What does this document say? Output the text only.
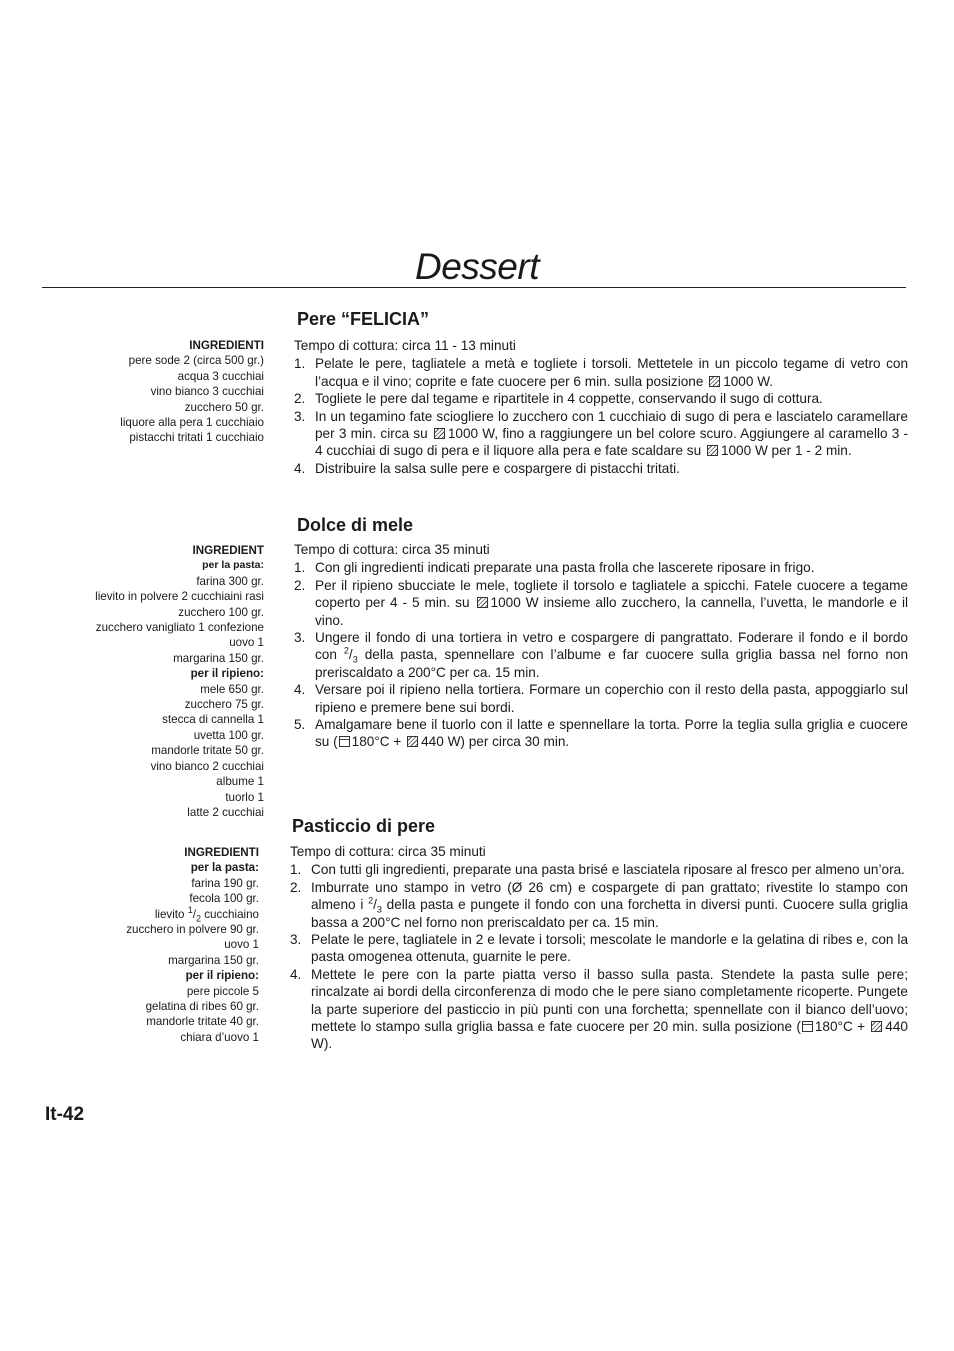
Dessert
Pere “FELICIA”
INGREDIENTI
pere sode 2 (circa 500 gr.)
acqua 3 cucchiai
vino bianco 3 cucchiai
zucchero 50 gr.
liquore alla pera 1 cucchiaio
pistacchi tritati 1 cucchiaio
Tempo di cottura: circa 11 - 13 minuti
1. Pelate le pere, tagliatele a metà e togliete i torsoli. Mettetele in un piccolo tegame di vetro con l’acqua e il vino; coprite e fate cuocere per 6 min. sulla posizione 1000 W.
2. Togliete le pere dal tegame e ripartitele in 4 coppette, conservando il sugo di cottura.
3. In un tegamino fate sciogliere lo zucchero con 1 cucchiaio di sugo di pera e lasciatelo caramellare per 3 min. circa su 1000 W, fino a raggiungere un bel colore scuro. Aggiungere al caramello 3 - 4 cucchiai di sugo di pera e il liquore alla pera e fate scaldare su 1000 W per 1 - 2 min.
4. Distribuire la salsa sulle pere e cospargere di pistacchi tritati.
Dolce di mele
INGREDIENT
per la pasta:
farina 300 gr.
lievito in polvere 2 cucchiaini rasi
zucchero 100 gr.
zucchero vanigliato 1 confezione
uovo 1
margarina 150 gr.
per il ripieno:
mele 650 gr.
zucchero 75 gr.
stecca di cannella 1
uvetta 100 gr.
mandorle tritate 50 gr.
vino bianco 2 cucchiai
albume 1
tuorlo 1
latte 2 cucchiai
Tempo di cottura: circa 35 minuti
1. Con gli ingredienti indicati preparate una pasta frolla che lascerete riposare in frigo.
2. Per il ripieno sbucciate le mele, togliete il torsolo e tagliatele a spicchi. Fatele cuocere a tegame coperto per 4 - 5 min. su 1000 W insieme allo zucchero, la cannella, l’uvetta, le mandorle e il vino.
3. Ungere il fondo di una tortiera in vetro e cospargere di pangrattato. Foderare il fondo e il bordo con $^2/_3$ della pasta, spennellare con l’albume e far cuocere sulla griglia bassa nel forno non preriscaldato a 200°C per ca. 15 min.
4. Versare poi il ripieno nella tortiera. Formare un coperchio con il resto della pasta, appoggiarlo sul ripieno e premere bene sui bordi.
5. Amalgamare bene il tuorlo con il latte e spennellare la torta. Porre la teglia sulla griglia e cuocere su ( 180°C + 440 W) per circa 30 min.
Pasticcio di pere
INGREDIENTI
per la pasta:
farina 190 gr.
fecola 100 gr.
lievito $^1/_2$ cucchiaino
zucchero in polvere 90 gr.
uovo 1
margarina 150 gr.
per il ripieno:
pere piccole 5
gelatina di ribes 60 gr.
mandorle tritate 40 gr.
chiara d’uovo 1
Tempo di cottura: circa 35 minuti
1. Con tutti gli ingredienti, preparate una pasta brisé e lasciatela riposare al fresco per almeno un’ora.
2. Imburrate uno stampo in vetro (Ø 26 cm) e cospargete di pan grattato; rivestite lo stampo con almeno i $^2/_3$ della pasta e pungete il fondo con una forchetta in diversi punti. Cuocere sulla griglia bassa a 200°C nel forno non preriscaldato per ca. 15 min.
3. Pelate le pere, tagliatele in 2 e levate i torsoli; mescolate le mandorle e la gelatina di ribes e, con la pasta omogenea ottenuta, guarnite le pere.
4. Mettete le pere con la parte piatta verso il basso sulla pasta. Stendete la pasta sulle pere; rincalzate ai bordi della circonferenza di modo che le pere siano completamente ricoperte. Pungete la parte superiore del pasticcio in più punti con una forchetta; spennellate con il bianco dell’uovo; mettete lo stampo sulla griglia bassa e fate cuocere per 20 min. sulla posizione ( 180°C + 440 W).
It-42
